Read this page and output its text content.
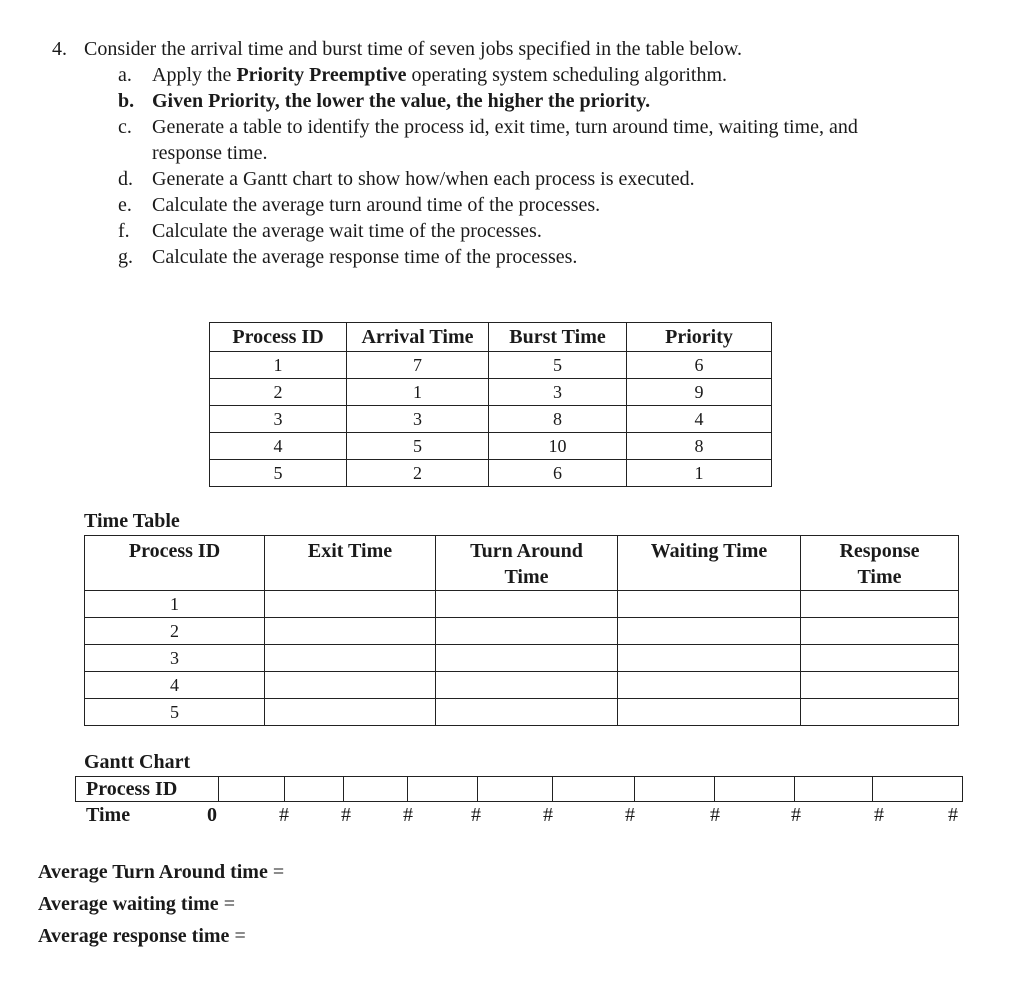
4. Consider the arrival time and burst time of seven jobs specified in the table below.
a. Apply the Priority Preemptive operating system scheduling algorithm.
b. Given Priority, the lower the value, the higher the priority.
c. Generate a table to identify the process id, exit time, turn around time, waiting time, and
response time.
d. Generate a Gantt chart to show how/when each process is executed.
e. Calculate the average turn around time of the processes.
f. Calculate the average wait time of the processes.
g. Calculate the average response time of the processes.
Process ID	Arrival Time	Burst Time	Priority
1	7	5	6
2	1	3	9
3	3	8	4
4	5	10	8
5	2	6	1
Time Table
Process ID	Exit Time	Turn Around Time	Waiting Time	Response Time

1				
2				
3				
4				
5				
Gantt Chart
Process ID
Time	0	#	#	#	#	#	#	#	#	#	#
Average Turn Around time =
Average waiting time =
Average response time =
